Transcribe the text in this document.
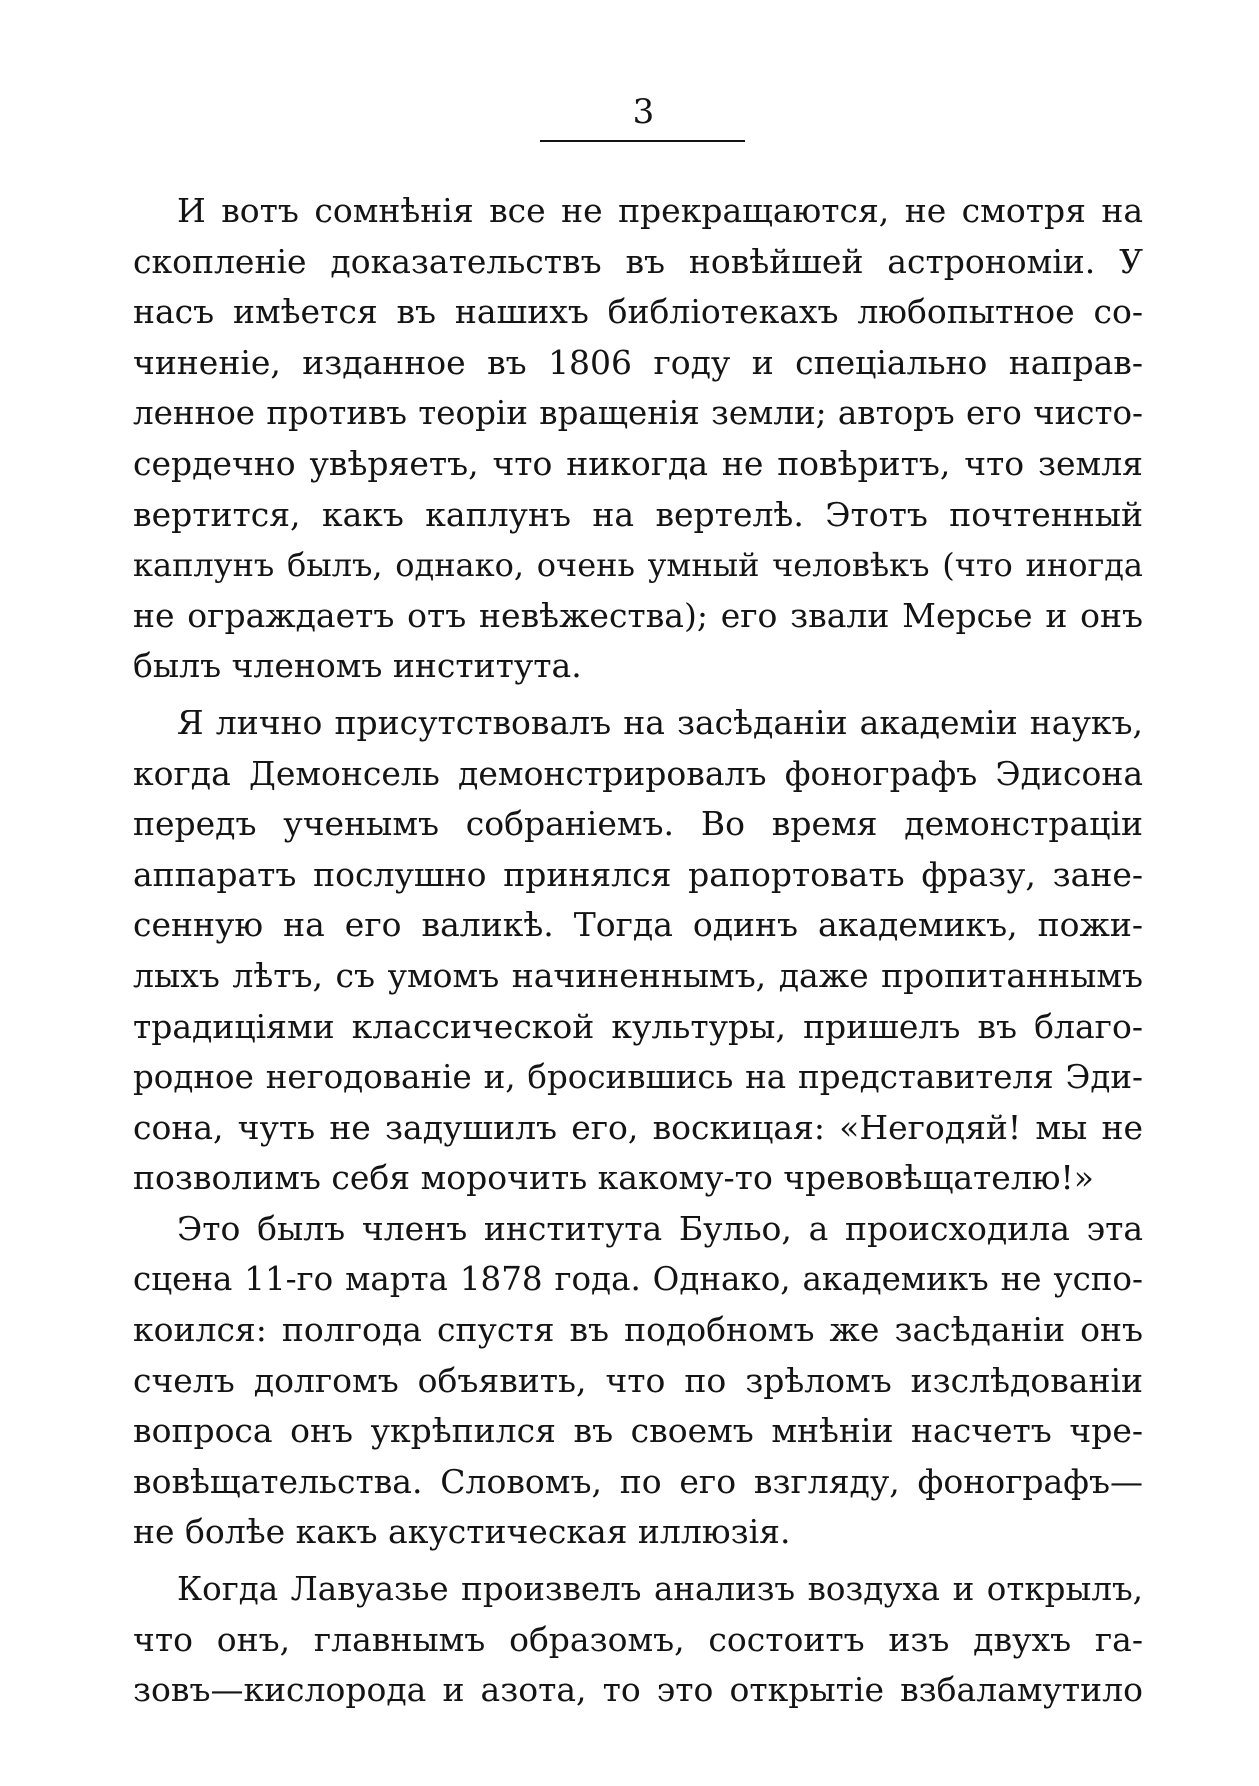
3
И вотъ сомнѣнія все не прекращаются, не смотря на
скопленіе доказательствъ въ новѣйшей астрономіи. У
насъ имѣется въ нашихъ библіотекахъ любопытное со-
чиненіе, изданное въ 1806 году и спеціально направ-
ленное противъ теоріи вращенія земли; авторъ его чисто-
сердечно увѣряетъ, что никогда не повѣритъ, что земля
вертится, какъ каплунъ на вертелѣ. Этотъ почтенный
каплунъ былъ, однако, очень умный человѣкъ (что иногда
не ограждаетъ отъ невѣжества); его звали Мерсье и онъ
былъ членомъ института.
Я лично присутствовалъ на засѣданіи академіи наукъ,
когда Демонсель демонстрировалъ фонографъ Эдисона
передъ ученымъ собраніемъ. Во время демонстраціи
аппаратъ послушно принялся рапортовать фразу, зане-
сенную на его валикѣ. Тогда одинъ академикъ, пожи-
лыхъ лѣтъ, съ умомъ начиненнымъ, даже пропитаннымъ
традиціями классической культуры, пришелъ въ благо-
родное негодованіе и, бросившись на представителя Эди-
сона, чуть не задушилъ его, воскицая: «Негодяй! мы не
позволимъ себя морочить какому-то чревовѣщателю!»
Это былъ членъ института Бульо, а происходила эта
сцена 11-го марта 1878 года. Однако, академикъ не успо-
коился: полгода спустя въ подобномъ же засѣданіи онъ
счелъ долгомъ объявить, что по зрѣломъ изслѣдованіи
вопроса онъ укрѣпился въ своемъ мнѣніи насчетъ чре-
вовѣщательства. Словомъ, по его взгляду, фонографъ—
не болѣе какъ акустическая иллюзія.
Когда Лавуазье произвелъ анализъ воздуха и открылъ,
что онъ, главнымъ образомъ, состоитъ изъ двухъ га-
зовъ—кислорода и азота, то это открытіе взбаламутило
